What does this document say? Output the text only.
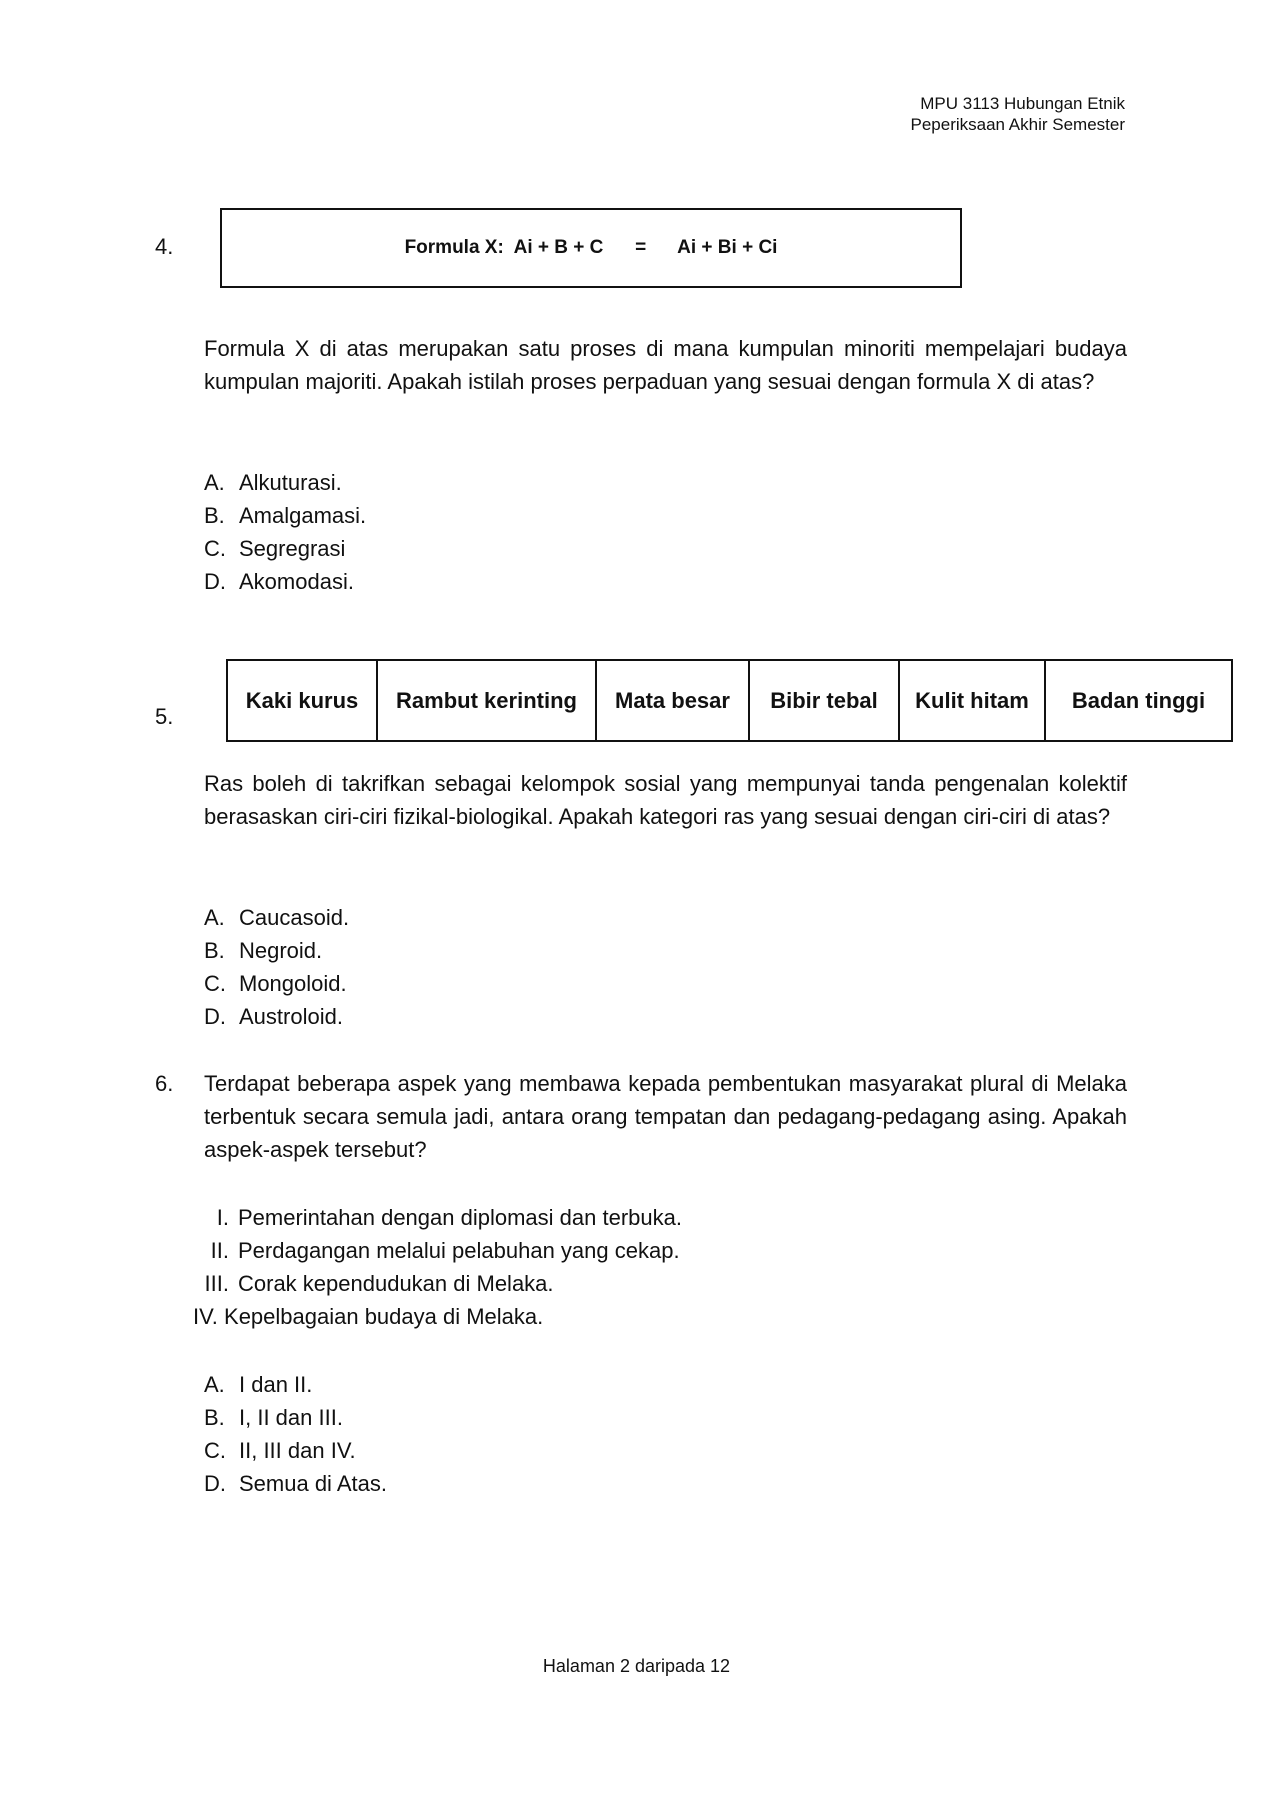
MPU 3113 Hubungan Etnik
Peperiksaan Akhir Semester
4.	Formula X:  Ai + B + C      =      Ai + Bi + Ci
Formula X di atas merupakan satu proses di mana kumpulan minoriti mempelajari budaya kumpulan majoriti. Apakah istilah proses perpaduan yang sesuai dengan formula X di atas?
A. Alkuturasi.
B. Amalgamasi.
C. Segregrasi
D. Akomodasi.
5.
Kaki kurus	Rambut kerinting	Mata besar	Bibir tebal	Kulit hitam	Badan tinggi
Ras boleh di takrifkan sebagai kelompok sosial yang mempunyai tanda pengenalan kolektif berasaskan ciri-ciri fizikal-biologikal. Apakah kategori ras yang sesuai dengan ciri-ciri di atas?
A. Caucasoid.
B. Negroid.
C. Mongoloid.
D. Austroloid.
6. Terdapat beberapa aspek yang membawa kepada pembentukan masyarakat plural di Melaka terbentuk secara semula jadi, antara orang tempatan dan pedagang-pedagang asing. Apakah aspek-aspek tersebut?
I. Pemerintahan dengan diplomasi dan terbuka.
II. Perdagangan melalui pelabuhan yang cekap.
III. Corak kependudukan di Melaka.
IV. Kepelbagaian budaya di Melaka.
A. I dan II.
B. I, II dan III.
C. II, III dan IV.
D. Semua di Atas.
Halaman 2 daripada 12
